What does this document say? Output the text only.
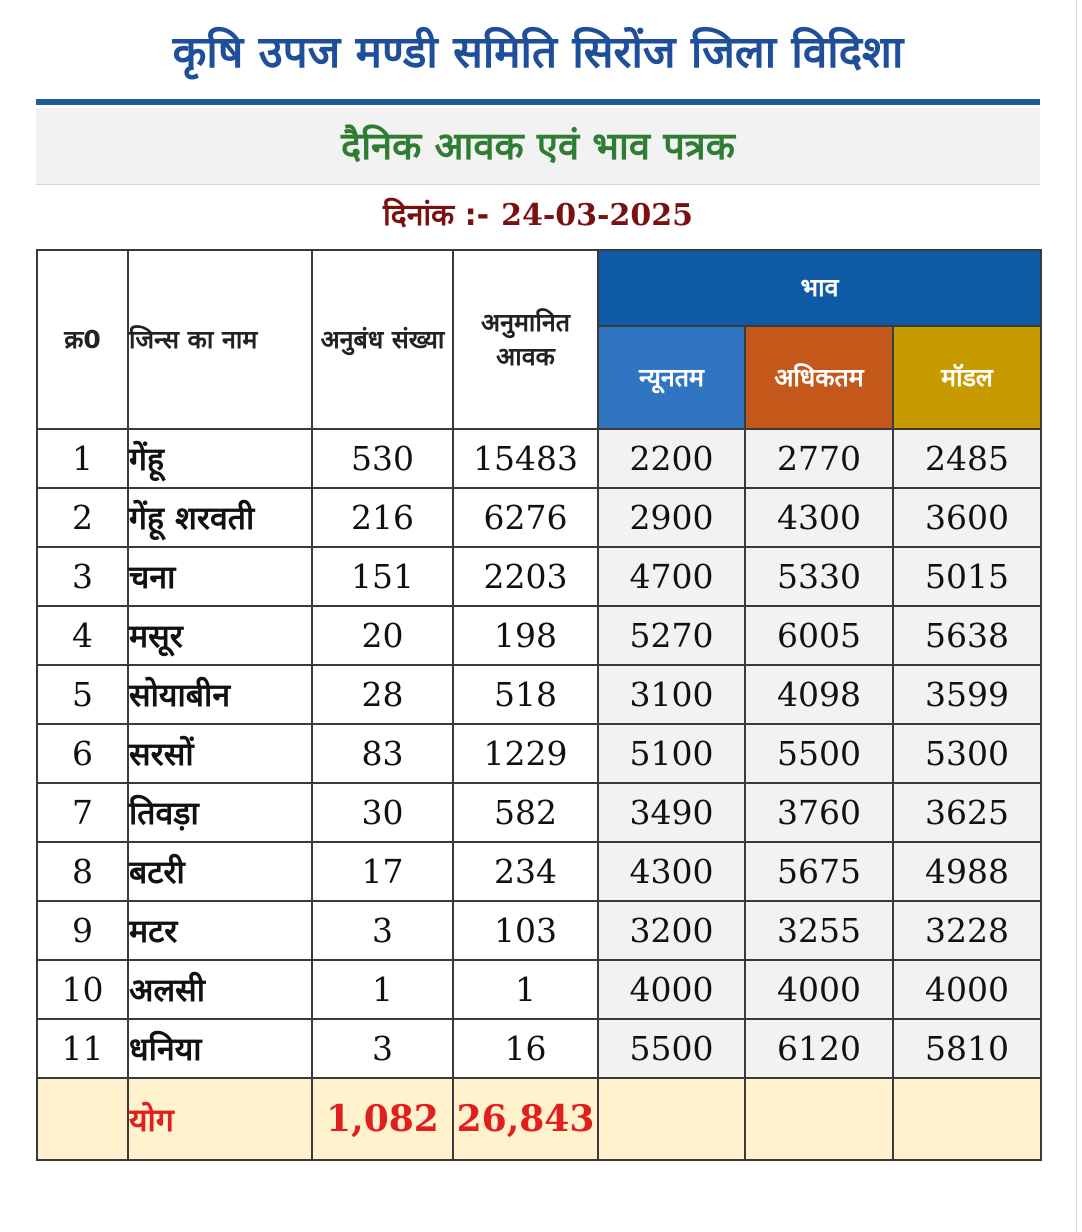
कृषि उपज मण्डी समिति सिरोंज जिला विदिशा
दैनिक आवक एवं भाव पत्रक
दिनांक :- 24-03-2025
क्र0	जिन्स का नाम	अनुबंध संख्या	अनुमानित आवक	भाव		
				न्यूनतम	अधिकतम	मॉडल
1	गेंहू	530	15483	2200	2770	2485
2	गेंहू शरवती	216	6276	2900	4300	3600
3	चना	151	2203	4700	5330	5015
4	मसूर	20	198	5270	6005	5638
5	सोयाबीन	28	518	3100	4098	3599
6	सरसों	83	1229	5100	5500	5300
7	तिवड़ा	30	582	3490	3760	3625
8	बटरी	17	234	4300	5675	4988
9	मटर	3	103	3200	3255	3228
10	अलसी	1	1	4000	4000	4000
11	धनिया	3	16	5500	6120	5810
	योग	1,082	26,843			
